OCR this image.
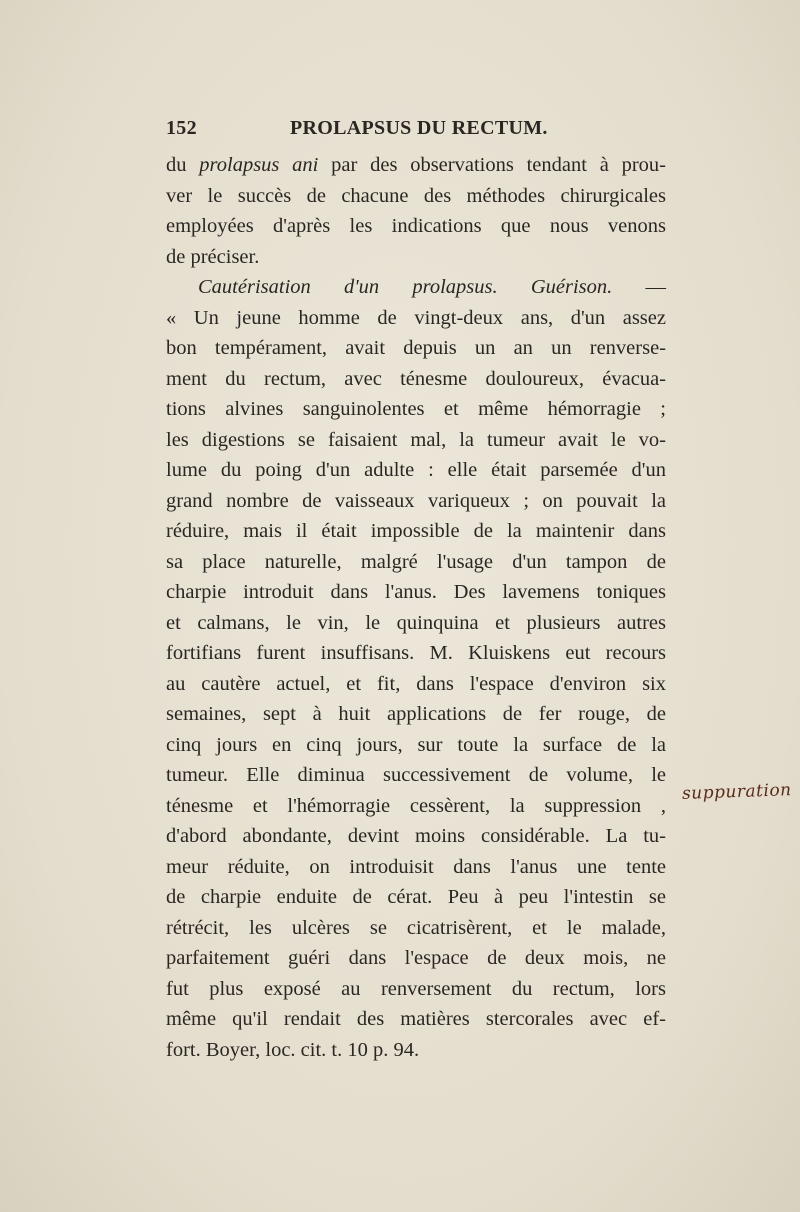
152	PROLAPSUS DU RECTUM.
du prolapsus ani par des observations tendant à prou-
ver le succès de chacune des méthodes chirurgicales
employées d'après les indications que nous venons
de préciser.
Cautérisation d'un prolapsus. Guérison. —
« Un jeune homme de vingt-deux ans, d'un assez
bon tempérament, avait depuis un an un renverse-
ment du rectum, avec ténesme douloureux, évacua-
tions alvines sanguinolentes et même hémorragie ;
les digestions se faisaient mal, la tumeur avait le vo-
lume du poing d'un adulte : elle était parsemée d'un
grand nombre de vaisseaux variqueux ; on pouvait la
réduire, mais il était impossible de la maintenir dans
sa place naturelle, malgré l'usage d'un tampon de
charpie introduit dans l'anus. Des lavemens toniques
et calmans, le vin, le quinquina et plusieurs autres
fortifians furent insuffisans. M. Kluiskens eut recours
au cautère actuel, et fit, dans l'espace d'environ six
semaines, sept à huit applications de fer rouge, de
cinq jours en cinq jours, sur toute la surface de la
tumeur. Elle diminua successivement de volume, le
ténesme et l'hémorragie cessèrent, la suppression ,
d'abord abondante, devint moins considérable. La tu-
meur réduite, on introduisit dans l'anus une tente
de charpie enduite de cérat. Peu à peu l'intestin se
rétrécit, les ulcères se cicatrisèrent, et le malade,
parfaitement guéri dans l'espace de deux mois, ne
fut plus exposé au renversement du rectum, lors
même qu'il rendait des matières stercorales avec ef-
fort. Boyer, loc. cit. t. 10 p. 94.
suppuration
